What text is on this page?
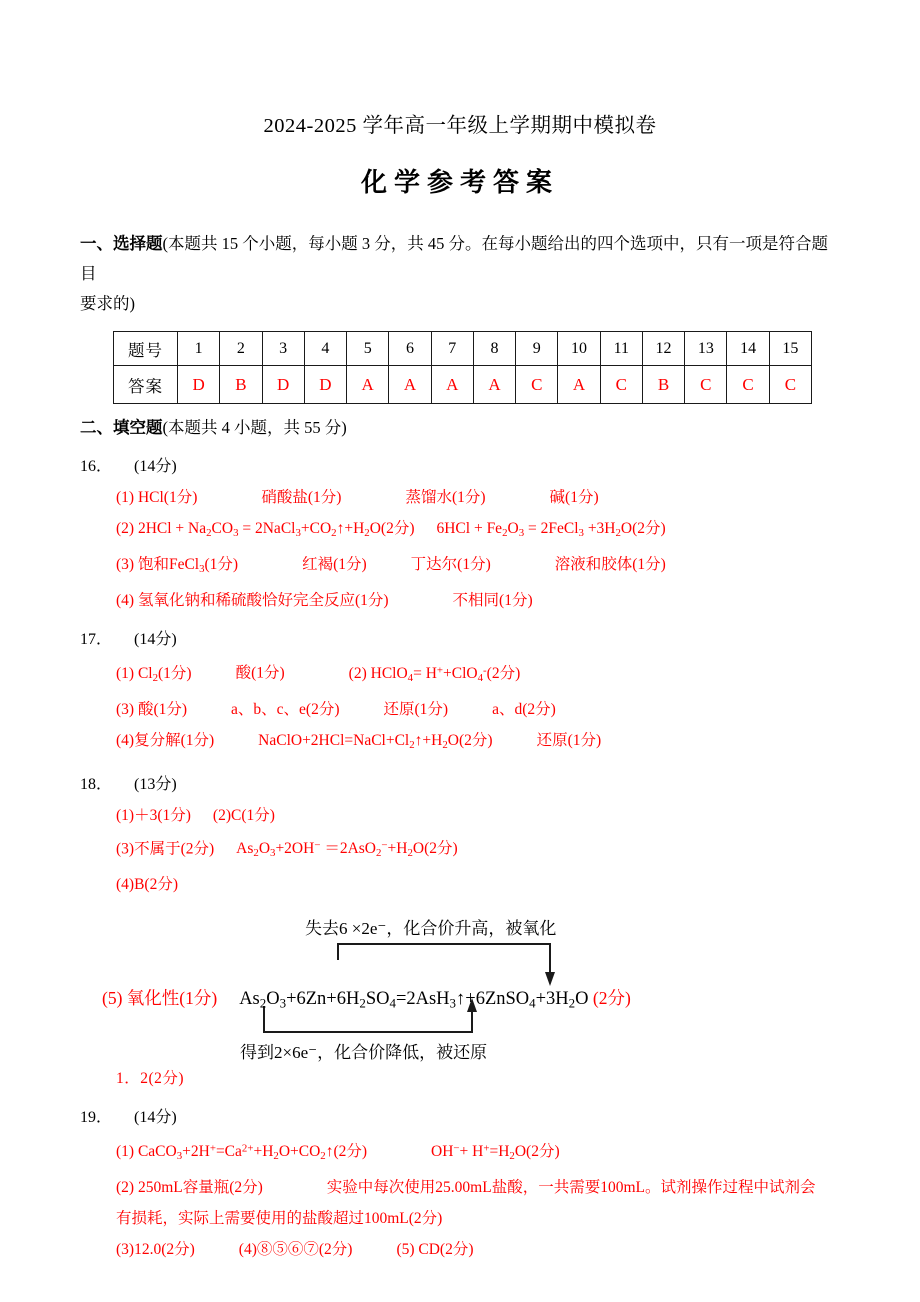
2024-2025 学年高一年级上学期期中模拟卷
化学参考答案
一、选择题(本题共 15 个小题，每小题 3 分，共 45 分。在每小题给出的四个选项中，只有一项是符合题目
要求的)
题号	1	2	3	4	5	6	7	8	9	10	11	12	13	14	15
答案	D	B	D	D	A	A	A	A	C	A	C	B	C	C	C
二、填空题(本题共 4 小题，共 55 分)
16． (14分)
(1) HCl(1分)	硝酸盐(1分)	蒸馏水(1分)	碱(1分)
(2) $2HCl + Na_2CO_3$ = $2NaCl_3+CO_2↑+H_2O(2$分) $6HCl + Fe_2O_3$ = 2FeCl$_3$ $+3H_2O(2$分)
(3) 饱和FeCl$_3$(1分)	红褐(1分)	丁达尔(1分)	溶液和胶体(1分)
(4) 氢氧化钠和稀硫酸恰好完全反应(1分)	不相同(1分)
17． (14分)
(1) $Cl_2(1$分)	酸(1分)	(2) HClO$_4$= H++ClO$_4$-(2分)
(3) 酸(1分)	a、b、c、e(2分)	还原(1分)	a、d(2分)
(4)复分解(1分)	$NaClO+2HCl=NaCl+Cl_2↑+H_2O(2$分)	还原(1分)
18． (13分)
(1)＋3(1分) (2)C(1分)
(3)不属于(2分) $As_2O_3+2OH^- =2AsO_2^-+H_2O(2$分)
(4)B(2分)
失去6 ×2e⁻，化合价升高，被氧化
(5) 氧化性(1分) $As_2O_3+6Zn+6H_2SO_4=2AsH_3↑+6ZnSO_4+3H_2O$ (2分)
得到2×6e⁻，化合价降低，被还原
1．2(2分)
19． (14分)
(1) $CaCO_3+2H^+=Ca^{2+}+H_2O+CO_2↑(2$分)	$OH^-+ H^+=H_2O(2$分)
(2) 250mL容量瓶(2分)	实验中每次使用25.00mL盐酸，一共需要100mL。试剂操作过程中试剂会
有损耗，实际上需要使用的盐酸超过100mL(2分)
(3)12.0(2分)	(4)⑧⑤⑥⑦(2分)	(5) CD(2分)
